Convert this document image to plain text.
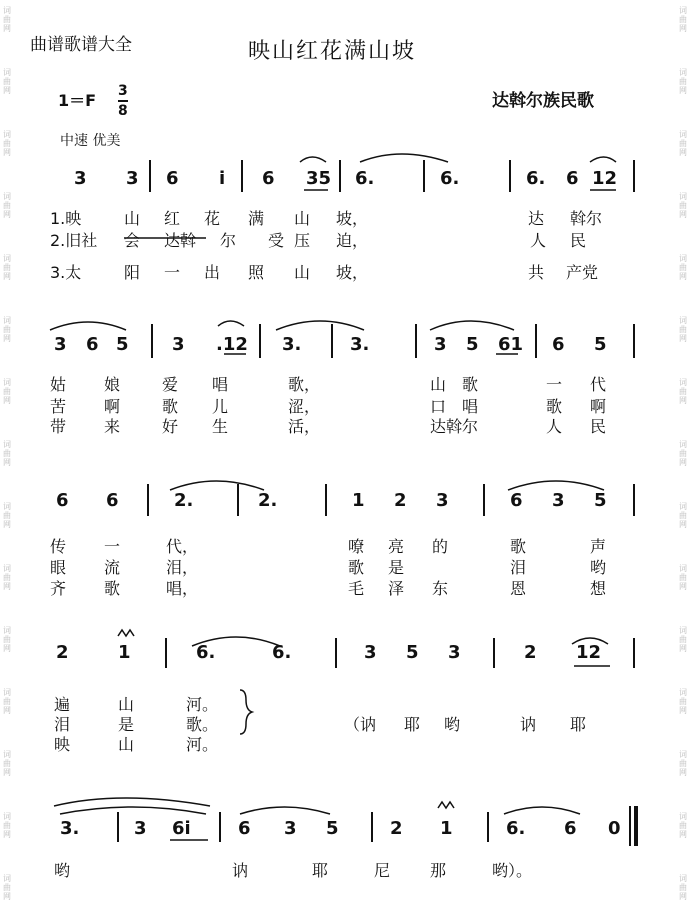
词
曲
网
词
曲
网
词
曲
网
词
曲
网
词
曲
网
词
曲
网
词
曲
网
词
曲
网
词
曲
网
词
曲
网
词
曲
网
词
曲
网
词
曲
网
词
曲
网
词
曲
网
词
曲
网
词
曲
网
词
曲
网
词
曲
网
词
曲
网
词
曲
网
词
曲
网
词
曲
网
词
曲
网
词
曲
网
词
曲
网
词
曲
网
词
曲
网
词
曲
网
词
曲
网
曲谱歌谱大全	映山红花满山坡
1＝F 3
8	达斡尔族民歌
中速 优美
3 3 6 i 6 35 6.	6.	6. 6 12
1.映	山 红 花 满 山 坡，	达 斡尔
2.旧社 会 达斡 尔 受 压 迫，	人 民
3.太	阳 一 出 照 山 坡，	共 产党
3 6 5 3 .12 3.	3.	3 5 61 6 5
姑 娘	爱 唱	歌，	山 歌	一 代
苦 啊	歌 儿	涩，	口 唱	歌 啊
带 来	好 生	活，	达斡尔	人 民
6 6	2.	2.	1 2 3	6 3 5
传 一	代，	嘹 亮 的	歌	声
眼 流	泪，	歌 是	泪	哟
齐 歌	唱，	毛 泽 东	恩	想
2	1	6.	6.	3 5 3	2 12
遍	山	河。
泪	是	歌。	（讷 耶 哟	讷 耶
映	山	河。
3.	3 6i	6 3 5	2 1	6. 6 0
哟	讷	耶	尼 那	哟）。
